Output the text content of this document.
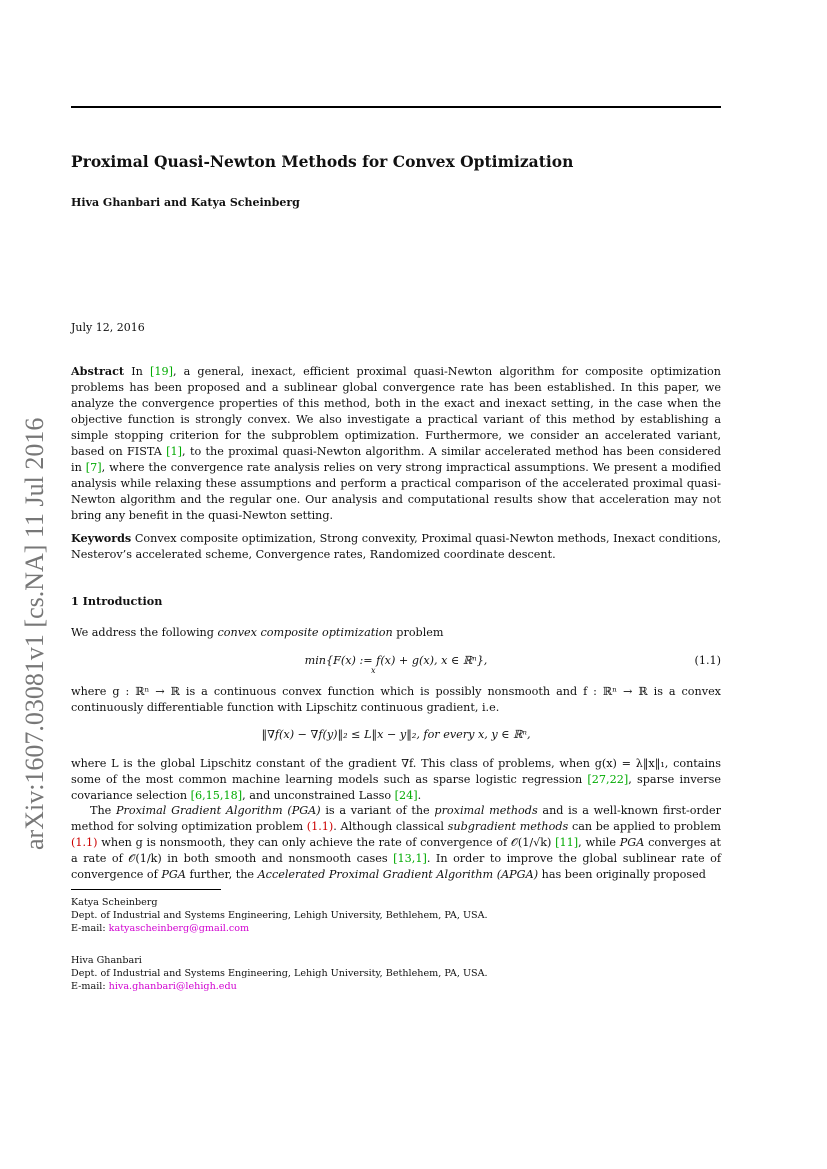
arXiv:1607.03081v1 [cs.NA] 11 Jul 2016
Proximal Quasi-Newton Methods for Convex Optimization
Hiva Ghanbari and Katya Scheinberg
July 12, 2016
Abstract In [19], a general, inexact, efficient proximal quasi-Newton algorithm for composite optimization problems has been proposed and a sublinear global convergence rate has been established. In this paper, we analyze the convergence properties of this method, both in the exact and inexact setting, in the case when the objective function is strongly convex. We also investigate a practical variant of this method by establishing a simple stopping criterion for the subproblem optimization. Furthermore, we consider an accelerated variant, based on FISTA [1], to the proximal quasi-Newton algorithm. A similar accelerated method has been considered in [7], where the convergence rate analysis relies on very strong impractical assumptions. We present a modified analysis while relaxing these assumptions and perform a practical comparison of the accelerated proximal quasi-Newton algorithm and the regular one. Our analysis and computational results show that acceleration may not bring any benefit in the quasi-Newton setting.
Keywords Convex composite optimization, Strong convexity, Proximal quasi-Newton methods, Inexact conditions, Nesterov’s accelerated scheme, Convergence rates, Randomized coordinate descent.
1 Introduction
We address the following convex composite optimization problem
min{F(x) := f(x) + g(x), x ∈ ℝⁿ},	(1.1)
x
where g : ℝⁿ → ℝ is a continuous convex function which is possibly nonsmooth and f : ℝⁿ → ℝ is a convex continuously differentiable function with Lipschitz continuous gradient, i.e.
‖∇f(x) − ∇f(y)‖₂ ≤ L‖x − y‖₂, for every x, y ∈ ℝⁿ,
where L is the global Lipschitz constant of the gradient ∇f. This class of problems, when g(x) = λ‖x‖₁, contains some of the most common machine learning models such as sparse logistic regression [27,22], sparse inverse covariance selection [6,15,18], and unconstrained Lasso [24].
The Proximal Gradient Algorithm (PGA) is a variant of the proximal methods and is a well-known first-order method for solving optimization problem (1.1). Although classical subgradient methods can be applied to problem (1.1) when g is nonsmooth, they can only achieve the rate of convergence of 𝒪(1/√k) [11], while PGA converges at a rate of 𝒪(1/k) in both smooth and nonsmooth cases [13,1]. In order to improve the global sublinear rate of convergence of PGA further, the Accelerated Proximal Gradient Algorithm (APGA) has been originally proposed
Katya Scheinberg
Dept. of Industrial and Systems Engineering, Lehigh University, Bethlehem, PA, USA.
E-mail: katyascheinberg@gmail.com
Hiva Ghanbari
Dept. of Industrial and Systems Engineering, Lehigh University, Bethlehem, PA, USA.
E-mail: hiva.ghanbari@lehigh.edu
